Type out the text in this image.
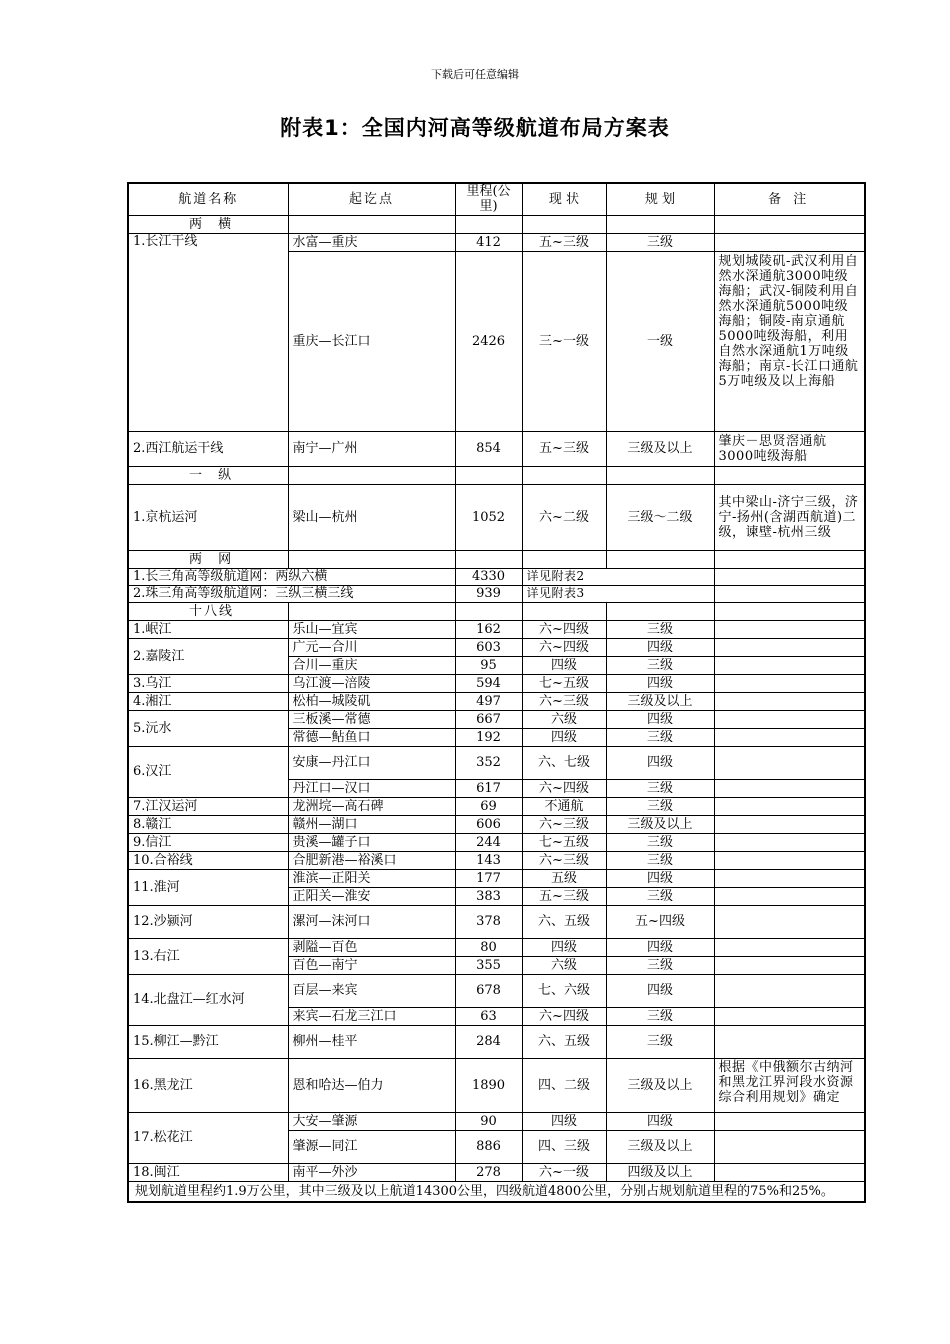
下载后可任意编辑
附表1：全国内河高等级航道布局方案表
航道名称	起讫点	里程(公里)	现 状	规 划	备 注
两 横					
1.长江干线	水富—重庆	412	五~三级	三级	
	重庆—长江口	2426	三~一级	一级	规划城陵矶-武汉利用自然水深通航3000吨级海船；武汉-铜陵利用自然水深通航5000吨级海船；铜陵-南京通航5000吨级海船，利用自然水深通航1万吨级海船；南京-长江口通航5万吨级及以上海船
2.西江航运干线	南宁—广州	854	五~三级	三级及以上	肇庆－思贤滘通航3000吨级海船
一 纵					
1.京杭运河	梁山—杭州	1052	六~二级	三级～二级	其中梁山-济宁三级，济宁-扬州(含湖西航道)二级，谏壁-杭州三级
两 网					
1.长三角高等级航道网：两纵六横		4330	详见附表2		
2.珠三角高等级航道网：三纵三横三线		939	详见附表3		
十八线					
1.岷江	乐山—宜宾	162	六~四级	三级	
2.嘉陵江	广元—合川	603	六~四级	四级	
	合川—重庆	95	四级	三级	
3.乌江	乌江渡—涪陵	594	七~五级	四级	
4.湘江	松柏—城陵矶	497	六~三级	三级及以上	
5.沅水	三板溪—常德	667	六级	四级	
	常德—鲇鱼口	192	四级	三级	
6.汉江	安康—丹江口	352	六、七级	四级	
	丹江口—汉口	617	六~四级	三级	
7.江汉运河	龙洲垸—高石碑	69	不通航	三级	
8.赣江	赣州—湖口	606	六~三级	三级及以上	
9.信江	贵溪—罐子口	244	七~五级	三级	
10.合裕线	合肥新港—裕溪口	143	六~三级	三级	
11.淮河	淮滨—正阳关	177	五级	四级	
	正阳关—淮安	383	五~三级	三级	
12.沙颍河	漯河—沫河口	378	六、五级	五~四级	
13.右江	剥隘—百色	80	四级	四级	
	百色—南宁	355	六级	三级	
14.北盘江—红水河	百层—来宾	678	七、六级	四级	
	来宾—石龙三江口	63	六~四级	三级	
15.柳江—黔江	柳州—桂平	284	六、五级	三级	
16.黑龙江	恩和哈达—伯力	1890	四、二级	三级及以上	根据《中俄额尔古纳河和黑龙江界河段水资源综合利用规划》确定
17.松花江	大安—肇源	90	四级	四级	
	肇源—同江	886	四、三级	三级及以上	
18.闽江	南平—外沙	278	六~一级	四级及以上	
规划航道里程约1.9万公里，其中三级及以上航道14300公里，四级航道4800公里，分别占规划航道里程的75%和25%。					
